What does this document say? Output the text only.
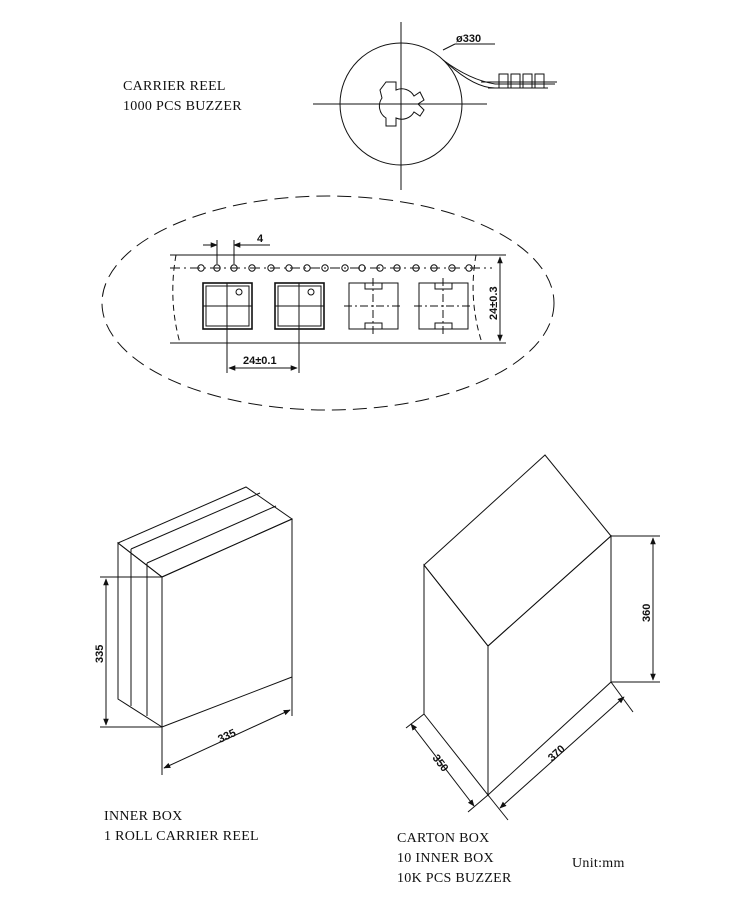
CARRIER REEL
1000 PCS BUZZER
ø330
4
24±0.1
24±0.3
335
335
INNER BOX
1 ROLL CARRIER REEL
360
370
350
CARTON BOX
10 INNER BOX
10K PCS BUZZER
Unit:mm
